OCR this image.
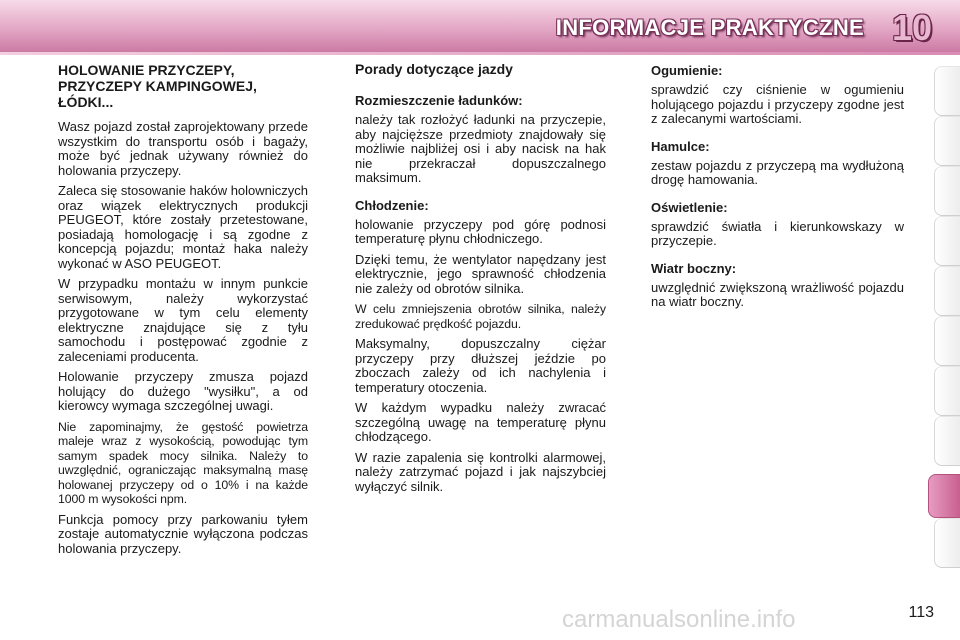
INFORMACJE PRAKTYCZNE 10
HOLOWANIE PRZYCZEPY, PRZYCZEPY KAMPINGOWEJ, ŁÓDKI...

Wasz pojazd został zaprojektowany przede wszystkim do transportu osób i bagaży, może być jednak używany również do holowania przyczepy.

Zaleca się stosowanie haków holowniczych oraz wiązek elektrycznych produkcji PEUGEOT, które zostały przetestowane, posiadają homologację i są zgodne z koncepcją pojazdu; montaż haka należy wykonać w ASO PEUGEOT.

W przypadku montażu w innym punkcie serwisowym, należy wykorzystać przygotowane w tym celu elementy elektryczne znajdujące się z tyłu samochodu i postępować zgodnie z zaleceniami producenta.

Holowanie przyczepy zmusza pojazd holujący do dużego "wysiłku", a od kierowcy wymaga szczególnej uwagi.

Nie zapominajmy, że gęstość powietrza maleje wraz z wysokością, powodując tym samym spadek mocy silnika. Należy to uwzględnić, ograniczając maksymalną masę holowanej przyczepy od o 10% i na każde 1000 m wysokości npm.

Funkcja pomocy przy parkowaniu tyłem zostaje automatycznie wyłączona podczas holowania przyczepy.

Porady dotyczące jazdy
Rozmieszczenie ładunków:

należy tak rozłożyć ładunki na przyczepie, aby najcięższe przedmioty znajdowały się możliwie najbliżej osi i aby nacisk na hak nie przekraczał dopuszczalnego maksimum.

Chłodzenie:

holowanie przyczepy pod górę podnosi temperaturę płynu chłodniczego.

Dzięki temu, że wentylator napędzany jest elektrycznie, jego sprawność chłodzenia nie zależy od obrotów silnika.

W celu zmniejszenia obrotów silnika, należy zredukować prędkość pojazdu.

Maksymalny, dopuszczalny ciężar przyczepy przy dłuższej jeździe po zboczach zależy od ich nachylenia i temperatury otoczenia.

W każdym wypadku należy zwracać szczególną uwagę na temperaturę płynu chłodzącego.

W razie zapalenia się kontrolki alarmowej, należy zatrzymać pojazd i jak najszybciej wyłączyć silnik.

Ogumienie:

sprawdzić czy ciśnienie w ogumieniu holującego pojazdu i przyczepy zgodne jest z zalecanymi wartościami.

Hamulce:

zestaw pojazdu z przyczepą ma wydłużoną drogę hamowania.

Oświetlenie:

sprawdzić światła i kierunkowskazy w przyczepie.

Wiatr boczny:

uwzględnić zwiększoną wrażliwość pojazdu na wiatr boczny.

carmanualsonline.info	113
